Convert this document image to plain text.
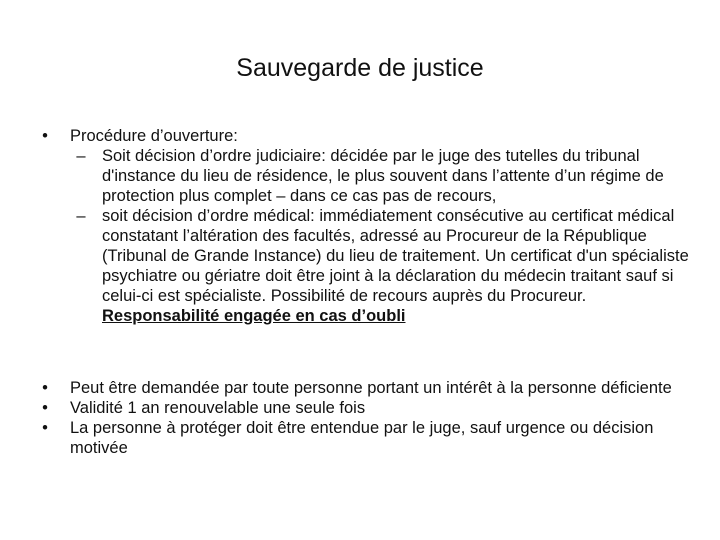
Sauvegarde de justice

•	Procédure d’ouverture:

– Soit décision d’ordre judiciaire: décidée par le juge des tutelles du tribunal d'instance du lieu de résidence, le plus souvent dans l’attente d’un régime de protection plus complet – dans ce cas pas de recours,

– soit décision d’ordre médical: immédiatement consécutive au certificat médical constatant l’altération des facultés, adressé au Procureur de la République (Tribunal de Grande Instance) du lieu de traitement. Un certificat d'un spécialiste psychiatre ou gériatre doit être joint à la déclaration du médecin traitant sauf si celui-ci est spécialiste. Possibilité de recours auprès du Procureur. Responsabilité engagée en cas d’oubli

•	Peut être demandée par toute personne portant un intérêt à la personne déficiente

•	Validité 1 an renouvelable une seule fois

•	La personne à protéger doit être entendue par le juge, sauf urgence ou décision motivée
